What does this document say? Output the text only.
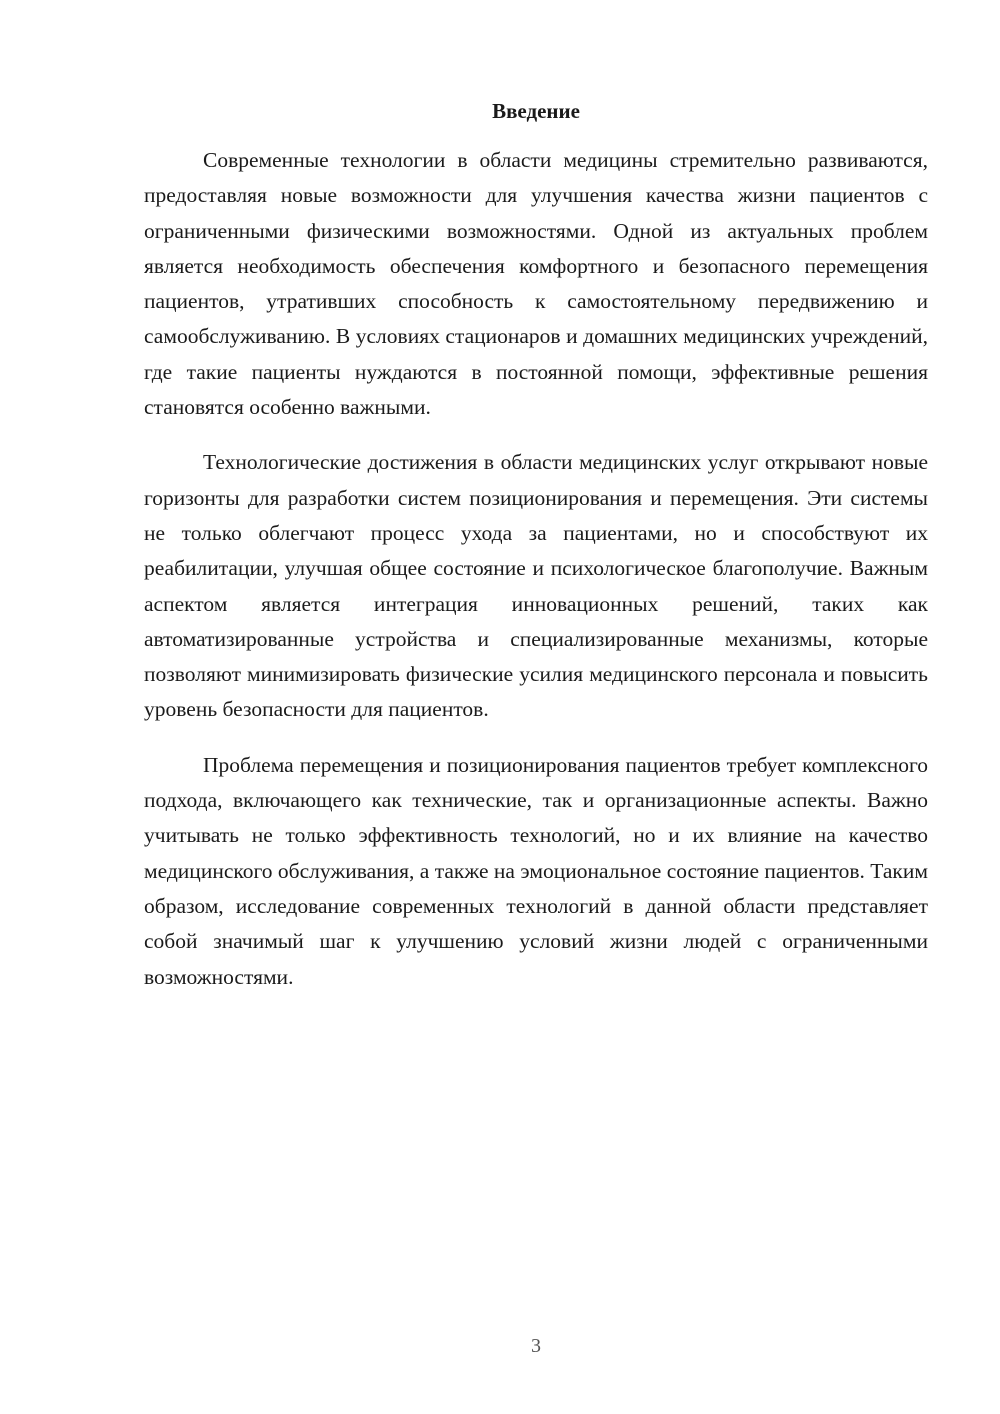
Введение

Современные технологии в области медицины стремительно развиваются, предоставляя новые возможности для улучшения качества жизни пациентов с ограниченными физическими возможностями. Одной из актуальных проблем является необходимость обеспечения комфортного и безопасного перемещения пациентов, утративших способность к самостоятельному передвижению и самообслуживанию. В условиях стационаров и домашних медицинских учреждений, где такие пациенты нуждаются в постоянной помощи, эффективные решения становятся особенно важными.

Технологические достижения в области медицинских услуг открывают новые горизонты для разработки систем позиционирования и перемещения. Эти системы не только облегчают процесс ухода за пациентами, но и способствуют их реабилитации, улучшая общее состояние и психологическое благополучие. Важным аспектом является интеграция инновационных решений, таких как автоматизированные устройства и специализированные механизмы, которые позволяют минимизировать физические усилия медицинского персонала и повысить уровень безопасности для пациентов.

Проблема перемещения и позиционирования пациентов требует комплексного подхода, включающего как технические, так и организационные аспекты. Важно учитывать не только эффективность технологий, но и их влияние на качество медицинского обслуживания, а также на эмоциональное состояние пациентов. Таким образом, исследование современных технологий в данной области представляет собой значимый шаг к улучшению условий жизни людей с ограниченными возможностями.

3
